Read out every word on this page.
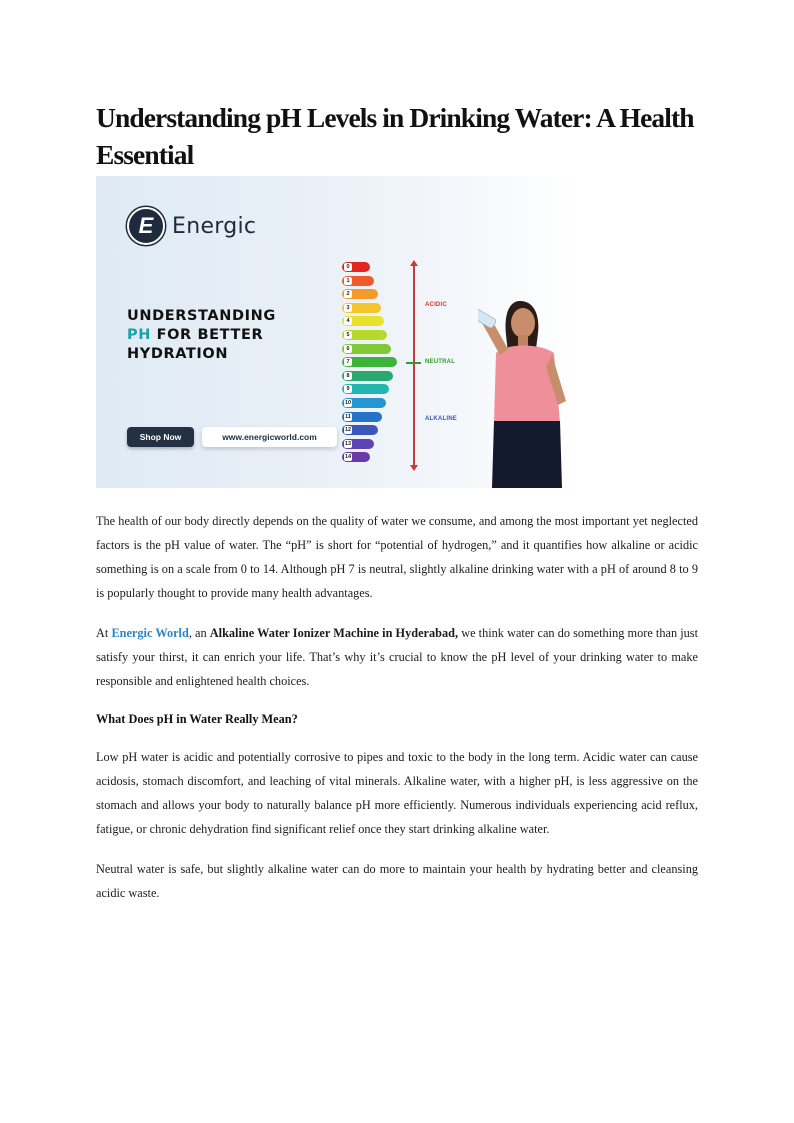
Understanding pH Levels in Drinking Water: A Health Essential
E Energic
UNDERSTANDING
PH FOR BETTER
HYDRATION
Shop Now	www.energicworld.com
0
1
2
3
4
5
6
7
8
9
10
11
12
13
14
ACIDIC
NEUTRAL
ALKALINE

The health of our body directly depends on the quality of water we consume, and among the most important yet neglected factors is the pH value of water. The “pH” is short for “potential of hydrogen,” and it quantifies how alkaline or acidic something is on a scale from 0 to 14. Although pH 7 is neutral, slightly alkaline drinking water with a pH of around 8 to 9 is popularly thought to provide many health advantages.

At Energic World, an Alkaline Water Ionizer Machine in Hyderabad, we think water can do something more than just satisfy your thirst, it can enrich your life. That’s why it’s crucial to know the pH level of your drinking water to make responsible and enlightened health choices.

What Does pH in Water Really Mean?

Low pH water is acidic and potentially corrosive to pipes and toxic to the body in the long term. Acidic water can cause acidosis, stomach discomfort, and leaching of vital minerals. Alkaline water, with a higher pH, is less aggressive on the stomach and allows your body to naturally balance pH more efficiently. Numerous individuals experiencing acid reflux, fatigue, or chronic dehydration find significant relief once they start drinking alkaline water.

Neutral water is safe, but slightly alkaline water can do more to maintain your health by hydrating better and cleansing acidic waste.
